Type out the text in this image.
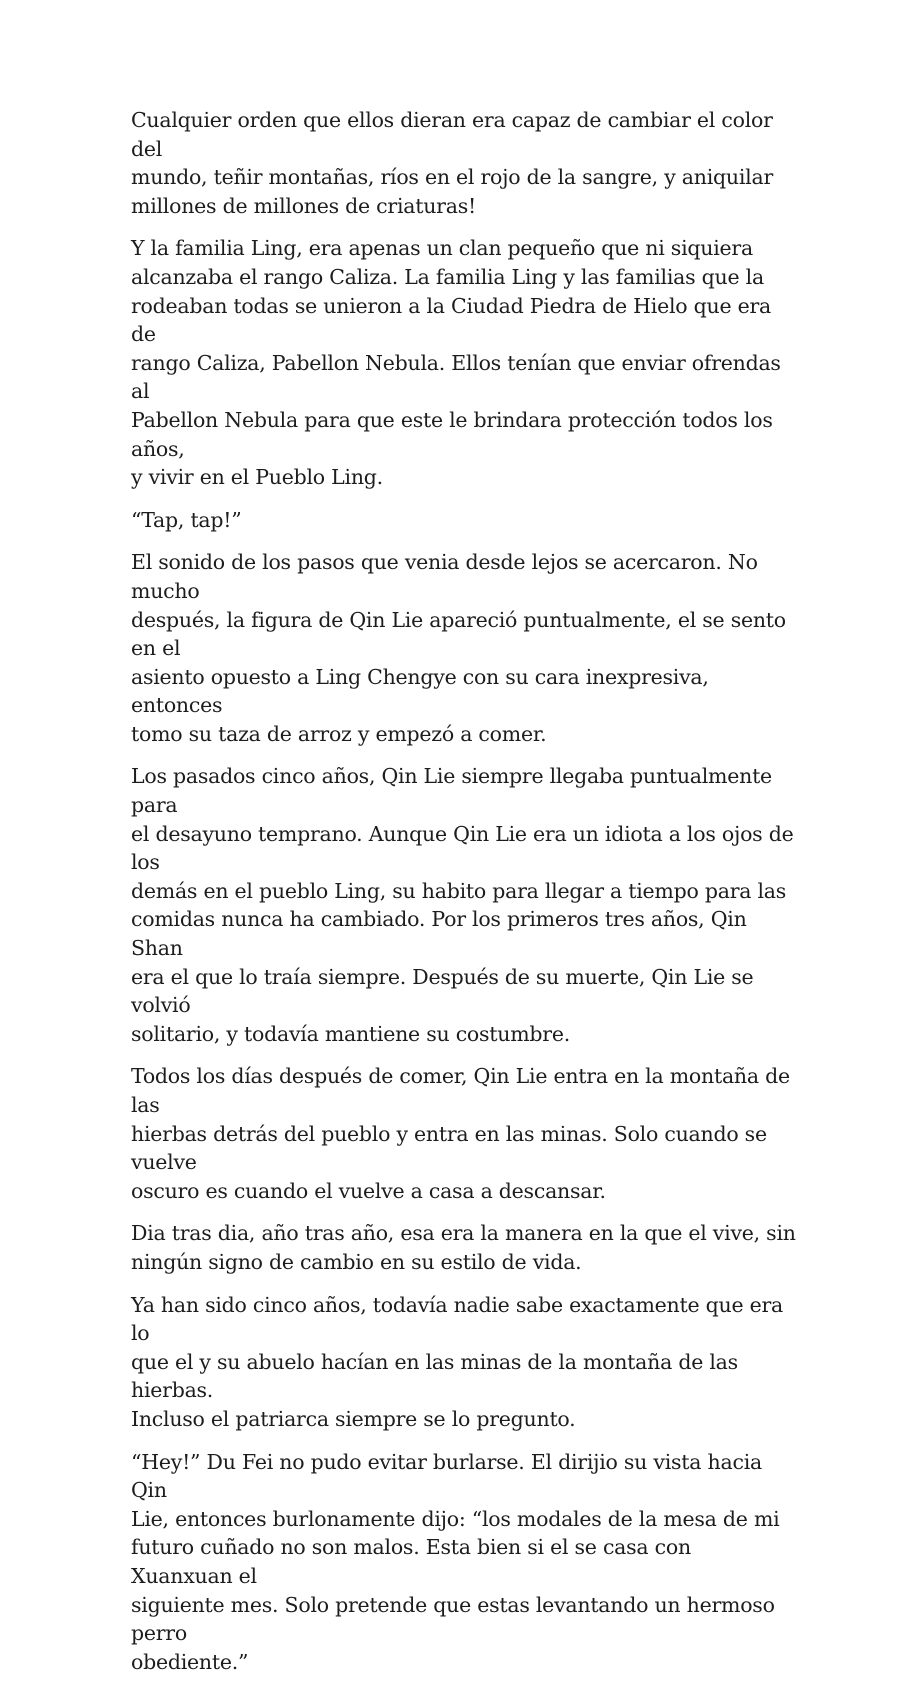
Cualquier orden que ellos dieran era capaz de cambiar el color del
mundo, teñir montañas, ríos en el rojo de la sangre, y aniquilar
millones de millones de criaturas!

Y la familia Ling, era apenas un clan pequeño que ni siquiera
alcanzaba el rango Caliza. La familia Ling y las familias que la
rodeaban todas se unieron a la Ciudad Piedra de Hielo que era de
rango Caliza, Pabellon Nebula. Ellos tenían que enviar ofrendas al
Pabellon Nebula para que este le brindara protección todos los años,
y vivir en el Pueblo Ling.

“Tap, tap!”

El sonido de los pasos que venia desde lejos se acercaron. No mucho
después, la figura de Qin Lie apareció puntualmente, el se sento en el
asiento opuesto a Ling Chengye con su cara inexpresiva, entonces
tomo su taza de arroz y empezó a comer.

Los pasados cinco años, Qin Lie siempre llegaba puntualmente para
el desayuno temprano. Aunque Qin Lie era un idiota a los ojos de los
demás en el pueblo Ling, su habito para llegar a tiempo para las
comidas nunca ha cambiado. Por los primeros tres años, Qin Shan
era el que lo traía siempre. Después de su muerte, Qin Lie se volvió
solitario, y todavía mantiene su costumbre.

Todos los días después de comer, Qin Lie entra en la montaña de las
hierbas detrás del pueblo y entra en las minas. Solo cuando se vuelve
oscuro es cuando el vuelve a casa a descansar.

Dia tras dia, año tras año, esa era la manera en la que el vive, sin
ningún signo de cambio en su estilo de vida.

Ya han sido cinco años, todavía nadie sabe exactamente que era lo
que el y su abuelo hacían en las minas de la montaña de las hierbas.
Incluso el patriarca siempre se lo pregunto.

“Hey!” Du Fei no pudo evitar burlarse. El dirijio su vista hacia Qin
Lie, entonces burlonamente dijo: “los modales de la mesa de mi
futuro cuñado no son malos. Esta bien si el se casa con Xuanxuan el
siguiente mes. Solo pretende que estas levantando un hermoso perro
obediente.”
